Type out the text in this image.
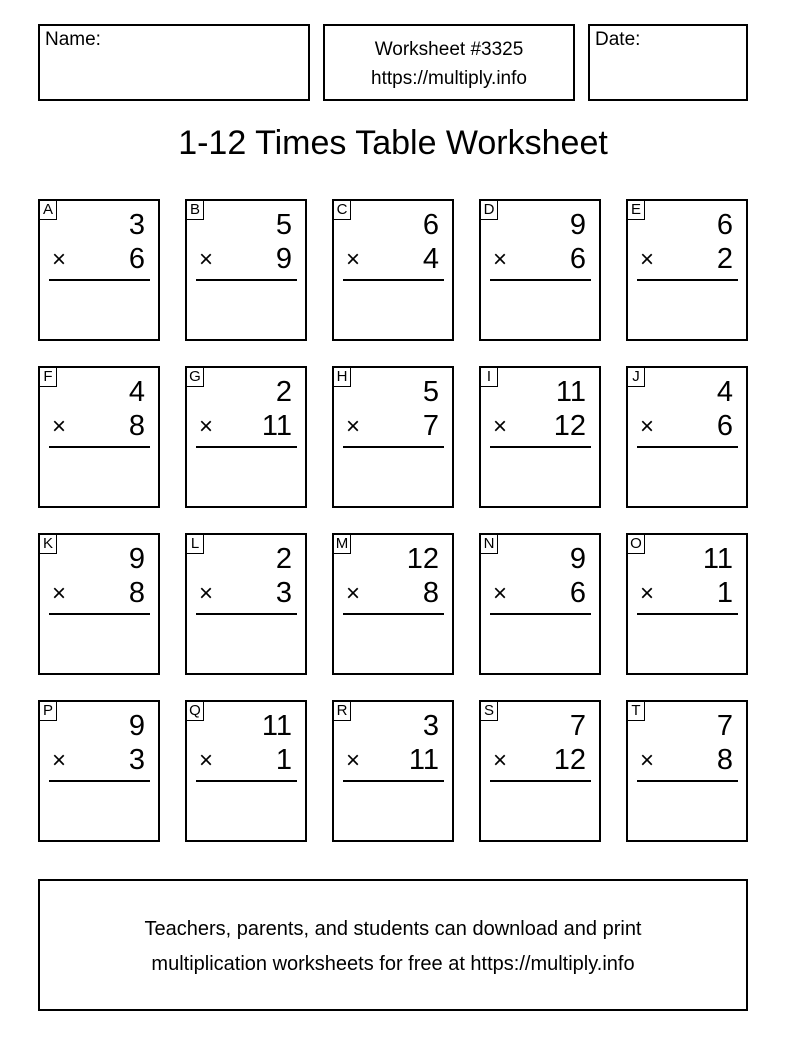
Name:	Worksheet #3325
https://multiply.info
Date:
1-12 Times Table Worksheet
A	3
× 6
B	5
× 9
C	6
× 4
D	9
× 6
E	6
× 2
F	4
× 8
G	2
× 11
H	5
× 7
I 11
× 12
J	4
× 6
K	9
× 8
L	2
× 3
M 12
× 8
N	9
× 6
O 11
× 1
P	9
× 3
Q 11
× 1
R	3
× 11
S	7
× 12
T	7
× 8
Teachers, parents, and students can download and print
multiplication worksheets for free at https://multiply.info
